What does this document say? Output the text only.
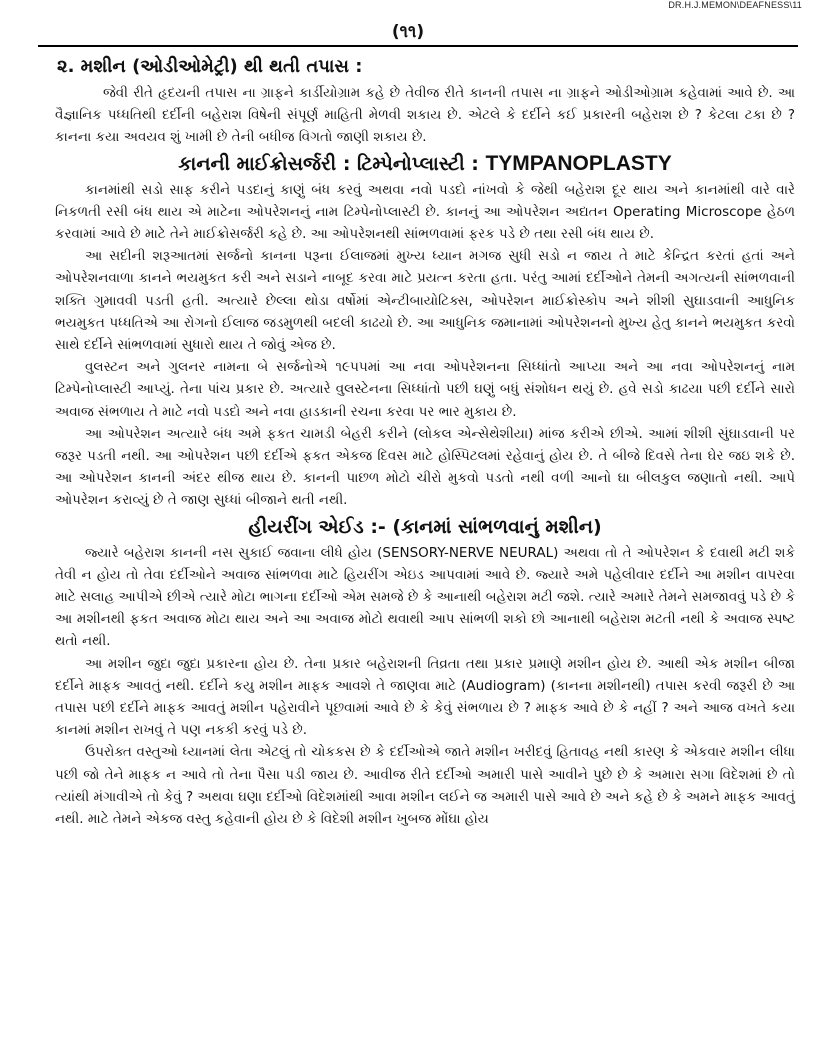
DR.H.J.MEMON\DEAFNESS\11
(૧૧)
૨. મશીન (ઓડીઓમેટ્રી) થી થતી તપાસ :

જેવી રીતે હૃદયની તપાસ ના ગ્રાફને કાર્ડીયોગ્રામ કહે છે તેવીજ રીતે કાનની તપાસ ના ગ્રાફને ઓડીઓગ્રામ કહેવામાં આવે છે. આ વૈજ્ઞાનિક પધ્ધતિથી દર્દીની બહેરાશ વિષેની સંપૂર્ણ માહિતી મેળવી શકાય છે. એટલે કે દર્દીને કઈ પ્રકારની બહેરાશ છે ? કેટલા ટકા છે ? કાનના કયા અવયવ શું ખામી છે તેની બધીજ વિગતો જાણી શકાય છે.

કાનની માઈક્રોસર્જરી : ટિમ્પેનોપ્લાસ્ટી : TYMPANOPLASTY

કાનમાંથી સડો સાફ કરીને પડદાનું કાણું બંધ કરવું અથવા નવો પડદો નાંખવો કે જેથી બહેરાશ દૂર થાય અને કાનમાંથી વારે વારે નિકળતી રસી બંધ થાય એ માટેના ઓપરેશનનું નામ ટિમ્પેનોપ્લાસ્ટી છે. કાનનું આ ઓપરેશન અદ્યતન Operating Microscope હેઠળ કરવામાં આવે છે માટે તેને માઈક્રોસર્જરી કહે છે. આ ઓપરેશનથી સાંભળવામાં ફરક પડે છે તથા રસી બંધ થાય છે.

આ સદીની શરૂઆતમાં સર્જનો કાનના પરૂના ઈલાજમાં મુખ્ય ધ્યાન મગજ સુધી સડો ન જાય તે માટે કેન્દ્રિત કરતાં હતાં અને ઓપરેશનવાળા કાનને ભયમુકત કરી અને સડાને નાબૂદ કરવા માટે પ્રયત્ન કરતા હતા. પરંતુ આમાં દર્દીઓને તેમની અગત્યની સાંભળવાની શક્તિ ગુમાવવી પડતી હતી. અત્યારે છેલ્લા થોડા વર્ષોમાં એન્ટીબાયોટિક્સ, ઓપરેશન માઈક્રોસ્કોપ અને શીશી સુઘાડવાની આધુનિક ભયમુકત પધ્ધતિએ આ રોગનો ઈલાજ જડમુળથી બદલી કાઢયો છે. આ આધુનિક જમાનામાં ઓપરેશનનો મુખ્ય હેતુ કાનને ભયમુકત કરવો સાથે દર્દીને સાંભળવામાં સુધારો થાય તે જોવું એજ છે.

વુલસ્ટન અને ગુલનર નામના બે સર્જનોએ ૧૯૫૫માં આ નવા ઓપરેશનના સિધ્ધાંતો આપ્યા અને આ નવા ઓપરેશનનું નામ ટિમ્પેનોપ્લાસ્ટી આપ્યું. તેના પાંચ પ્રકાર છે. અત્યારે વુલસ્ટેનના સિધ્ધાંતો પછી ઘણું બધું સંશોધન થયું છે. હવે સડો કાઢયા પછી દર્દીને સારો અવાજ સંભળાય તે માટે નવો પડદો અને નવા હાડકાની રચના કરવા પર ભાર મુકાય છે.

આ ઓપરેશન અત્યારે બંધ અમે ફકત ચામડી બેહરી કરીને (લોકલ એન્સેથેશીયા) માંજ કરીએ છીએ. આમાં શીશી સુંઘાડવાની પર જરૂર પડતી નથી. આ ઓપરેશન પછી દર્દીએ ફકત એકજ દિવસ માટે હોસ્પિટલમાં રહેવાનું હોય છે. તે બીજે દિવસે તેના ઘેર જઇ શકે છે. આ ઓપરેશન કાનની અંદર થીજ થાય છે. કાનની પાછળ મોટો ચીરો મુકવો પડતો નથી વળી આનો ઘા બીલકુલ જણાતો નથી. આપે ઓપરેશન કરાવ્યું છે તે જાણ સુધ્ધાં બીજાને થતી નથી.

હીયરીંગ એઈડ :- (કાનમાં સાંભળવાનું મશીન)

જ્યારે બહેરાશ કાનની નસ સુકાઈ જવાના લીધે હોય (SENSORY-NERVE NEURAL) અથવા તો તે ઓપરેશન કે દવાથી મટી શકે તેવી ન હોય તો તેવા દર્દીઓને અવાજ સાંભળવા માટે હિયરીંગ એઇડ આપવામાં આવે છે. જ્યારે અમે પહેલીવાર દર્દીને આ મશીન વાપરવા માટે સલાહ આપીએ છીએ ત્યારે મોટા ભાગના દર્દીઓ એમ સમજે છે કે આનાથી બહેરાશ મટી જશે. ત્યારે અમારે તેમને સમજાવવું પડે છે કે આ મશીનથી ફકત અવાજ મોટા થાય અને આ અવાજ મોટો થવાથી આપ સાંભળી શકો છો આનાથી બહેરાશ મટતી નથી કે અવાજ સ્પષ્ટ થતો નથી.

આ મશીન જુદા જુદા પ્રકારના હોય છે. તેના પ્રકાર બહેરાશની તિવ્રતા તથા પ્રકાર પ્રમાણે મશીન હોય છે. આથી એક મશીન બીજા દર્દીને માફક આવતું નથી. દર્દીને કયુ મશીન માફક આવશે તે જાણવા માટે (Audiogram) (કાનના મશીનથી) તપાસ કરવી જરૂરી છે આ તપાસ પછી દર્દીને માફક આવતું મશીન પહેરાવીને પૂછવામાં આવે છે કે કેવું સંભળાય છે ? માફક આવે છે કે નહીં ? અને આજ વખતે કયા કાનમાં મશીન રાખવું તે પણ નકકી કરવું પડે છે.

ઉપરોક્ત વસ્તુઓ ધ્યાનમાં લેતા એટલું તો ચોકકસ છે કે દર્દીઓએ જાતે મશીન ખરીદવું હિતાવહ નથી કારણ કે એકવાર મશીન લીધા પછી જો તેને માફક ન આવે તો તેના પૈસા પડી જાય છે. આવીજ રીતે દર્દીઓ અમારી પાસે આવીને પુછે છે કે અમારા સગા વિદેશમાં છે તો ત્યાંથી મંગાવીએ તો કેવું ? અથવા ઘણા દર્દીઓ વિદેશમાંથી આવા મશીન લઈને જ અમારી પાસે આવે છે અને કહે છે કે અમને માફક આવતું નથી. માટે તેમને એકજ વસ્તુ કહેવાની હોય છે કે વિદેશી મશીન ખુબજ મોંઘા હોય
